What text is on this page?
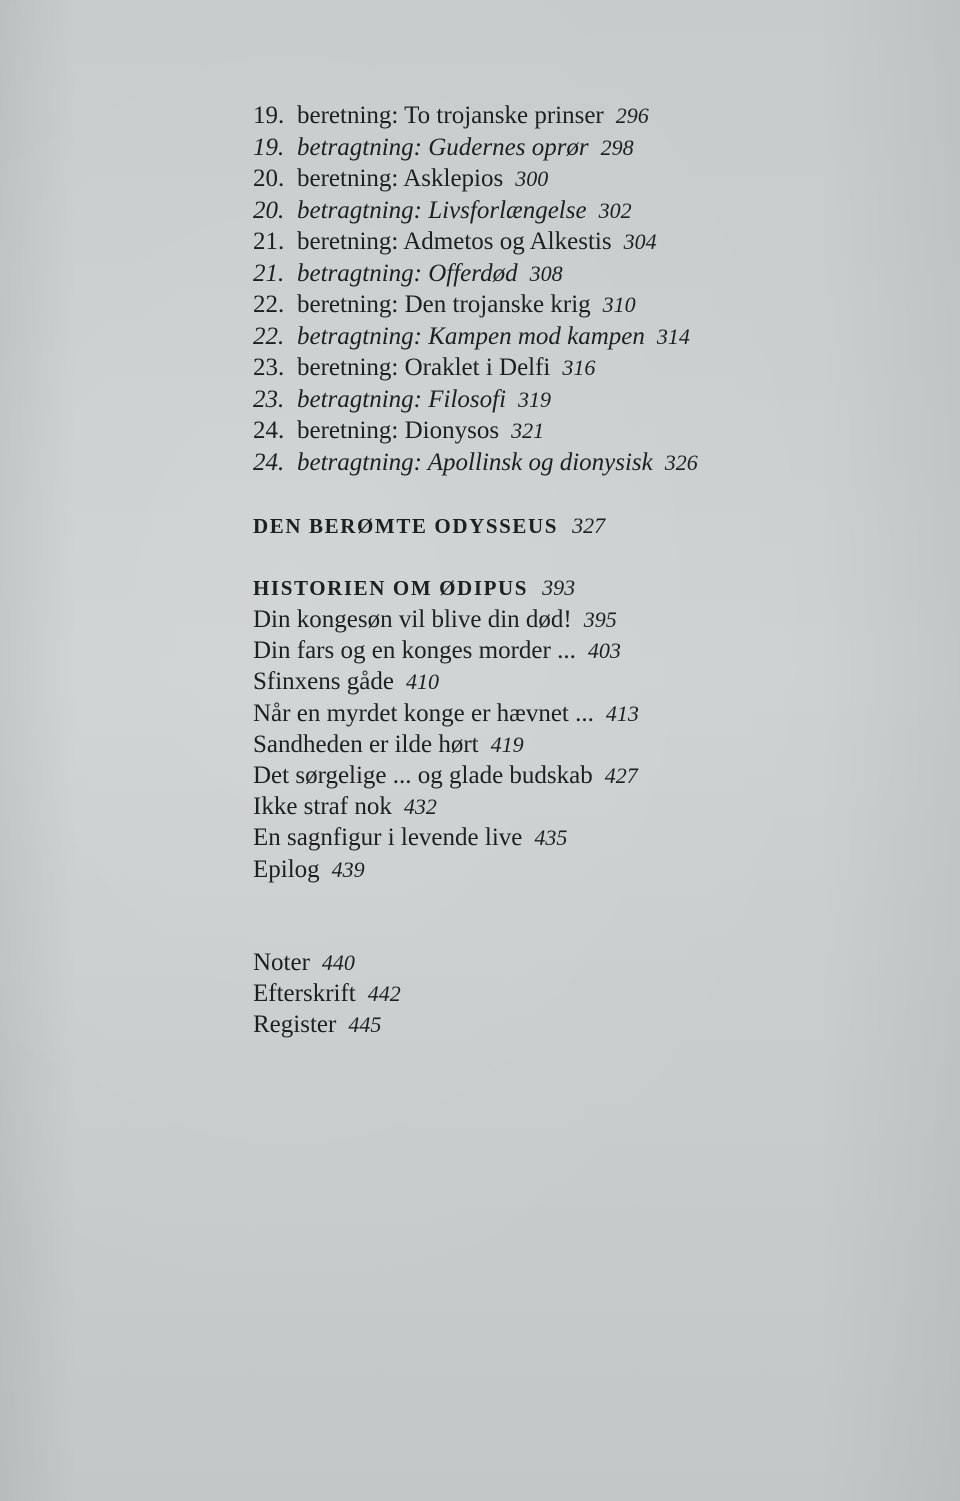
19. beretning: To trojanske prinser 296
19. betragtning: Gudernes oprør 298
20. beretning: Asklepios 300
20. betragtning: Livsforlængelse 302
21. beretning: Admetos og Alkestis 304
21. betragtning: Offerdød 308
22. beretning: Den trojanske krig 310
22. betragtning: Kampen mod kampen 314
23. beretning: Oraklet i Delfi 316
23. betragtning: Filosofi 319
24. beretning: Dionysos 321
24. betragtning: Apollinsk og dionysisk 326
DEN BERØMTE ODYSSEUS 327
HISTORIEN OM ØDIPUS 393
Din kongesøn vil blive din død! 395
Din fars og en konges morder ... 403
Sfinxens gåde 410
Når en myrdet konge er hævnet ... 413
Sandheden er ilde hørt 419
Det sørgelige ... og glade budskab 427
Ikke straf nok 432
En sagnfigur i levende live 435
Epilog 439
Noter 440
Efterskrift 442
Register 445
